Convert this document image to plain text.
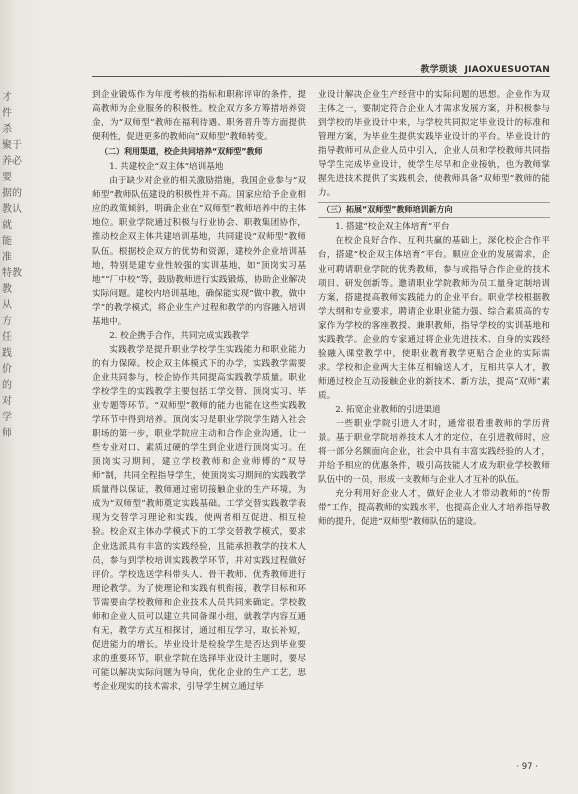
才 件 杀 聚于 养必要 据的 教认 就 能 准 特教 教 从 方 任 践 价 的 对 学 师
教学琐谈 JIAOXUESUOTAN

到企业锻炼作为年度考核的指标和职称评审的条件，提高教师为企业服务的积极性。校企双方多方筹措培养资金，为“双师型”教师在福利待遇、职务晋升等方面提供便利性，促进更多的教师向“双师型”教师转变。

（二）利用渠道，校企共同培养“双师型”教师

1. 共建校企“双主体”培训基地

由于缺少对企业的相关激励措施，我国企业参与“双师型”教师队伍建设的积极性并不高。国家应给予企业相应的政策倾斜，明确企业在“双师型”教师培养中的主体地位。职业学院通过积极与行业协会、职教集团协作，推动校企双主体共建培训基地，共同建设“双师型”教师队伍。根据校企双方的优势和资源，建校外企业培训基地，特别是建专业性较强的实训基地，如“顶岗实习基地”“厂中校”等，鼓励教师进行实践锻炼，协助企业解决实际问题。建校内培训基地，确保能实现“做中教，做中学”的教学模式，将企业生产过程和教学的内容融入培训基地中。

2. 校企携手合作，共同完成实践教学

实践教学是提升职业学校学生实践能力和职业能力的有力保障。校企双主体模式下的办学，实践教学需要企业共同参与，校企协作共同提高实践教学质量。职业学校学生的实践教学主要包括工学交替、顶岗实习、毕业专题等环节。“双师型”教师的能力也能在这些实践教学环节中得到培养。顶岗实习是职业学院学生踏入社会职场的第一步，职业学院应主动和合作企业沟通，让一些专业对口、素质过硬的学生到企业进行顶岗实习。在顶岗实习期间，建立学校教师和企业师傅的“双导师”制，共同全程指导学生，使顶岗实习期间的实践教学质量得以保证，教师通过密切接触企业的生产环境，为成为“双师型”教师奠定实践基础。工学交替实践教学表现为交替学习理论和实践，使两者相互促进、相互检验。校企双主体办学模式下的工学交替教学模式，要求企业选派具有丰富的实践经验，且能承担教学的技术人员，参与到学校培训实践教学环节，并对实践过程做好评价。学校选送学科带头人、骨干教师、优秀教师进行理论教学。为了使理论和实践有机衔接，教学目标和环节需要由学校教师和企业技术人员共同来确定。学校教师和企业人员可以建立共同备课小组，就教学内容互通有无，教学方式互相探讨，通过相互学习，取长补短，促进能力的增长。毕业设计是检验学生是否达到毕业要求的重要环节，职业学院在选择毕业设计主题时，要尽可能以解决实际问题为导向，优化企业的生产工艺，思考企业现实的技术需求，引导学生树立通过毕

业设计解决企业生产经营中的实际问题的思想。企业作为双主体之一，要制定符合企业人才需求发展方案，并积极参与到学校的毕业设计中来，与学校共同拟定毕业设计的标准和管理方案，为毕业生提供实践毕业设计的平台。毕业设计的指导教师可从企业人员中引入，企业人员和学校教师共同指导学生完成毕业设计，使学生尽早和企业接轨，也为教师掌握先进技术提供了实践机会，使教师具备“双师型”教师的能力。

（三）拓展“双师型”教师培训新方向

1. 搭建“校企双主体培育”平台

在校企良好合作、互利共赢的基础上，深化校企合作平台，搭建“校企双主体培育”平台。顺应企业的发展需求，企业可聘请职业学院的优秀教师，参与或指导合作企业的技术项目、研发创新等。邀请职业学院教师为员工量身定制培训方案，搭建提高教师实践能力的企业平台。职业学校根据教学大纲和专业要求，聘请企业职业能力强、综合素质高的专家作为学校的客座教授、兼职教师，指导学校的实训基地和实践教学。企业的专家通过将企业先进技术、自身的实践经验融入课堂教学中，使职业教育教学更贴合企业的实际需求。学校和企业两大主体互相输送人才，互相共享人才，教师通过校企互动接触企业的新技术、新方法，提高“双师”素质。

2. 拓宽企业教师的引进渠道

一些职业学院引进人才时，通常很看重教师的学历背景。基于职业学院培养技术人才的定位，在引进教师时，应将一部分名额面向企业，社会中具有丰富实践经验的人才，并给予相应的优惠条件，吸引高技能人才成为职业学校教师队伍中的一员，形成一支教师与企业人才互补的队伍。

充分利用好企业人才，做好企业人才带动教师的“传帮带”工作，提高教师的实践水平，也提高企业人才培养指导教师的提升，促进“双师型”教师队伍的建设。

· 97 ·
